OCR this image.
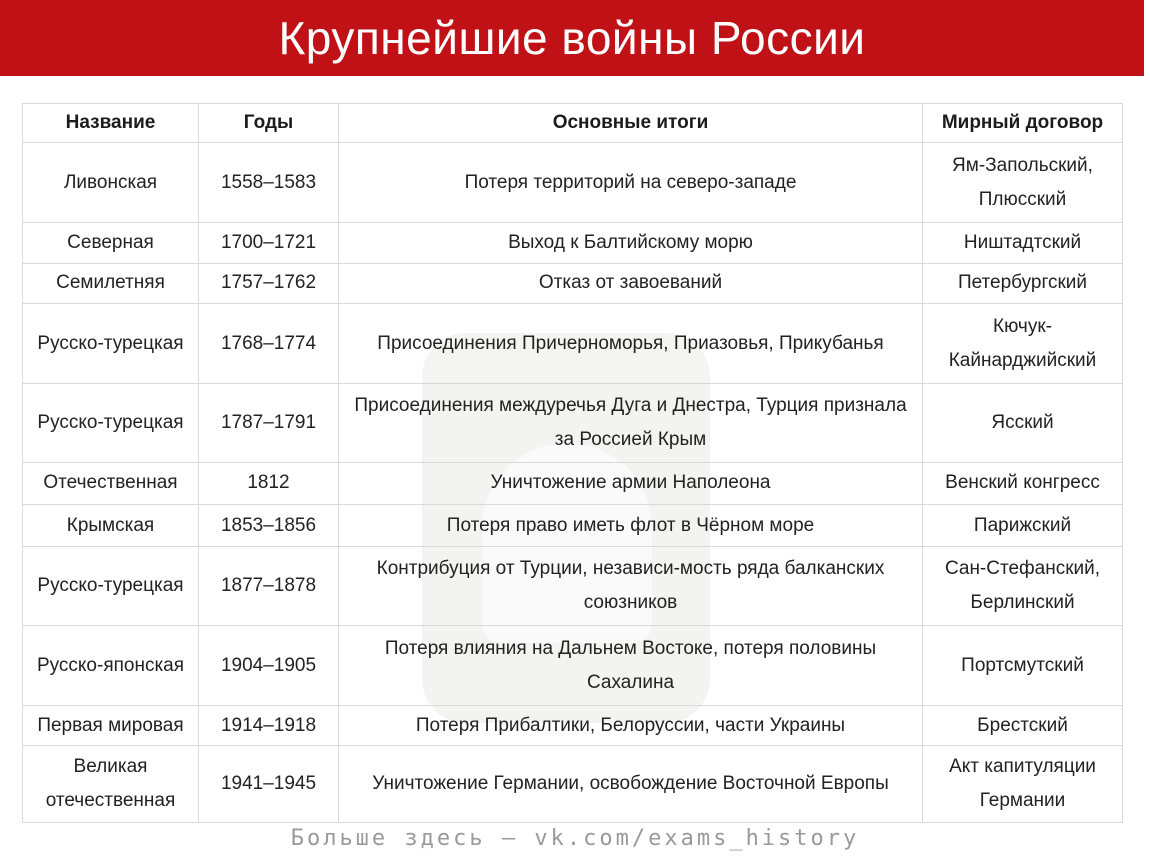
Крупнейшие войны России
Название	Годы	Основные итоги	Мирный договор
Ливонская	1558–1583	Потеря территорий на северо-западе	Ям-Запольский, Плюсский
Северная	1700–1721	Выход к Балтийскому морю	Ништадтский
Семилетняя	1757–1762	Отказ от завоеваний	Петербургский
Русско-турецкая	1768–1774	Присоединения Причерноморья, Приазовья, Прикубанья	Кючук-Кайнарджийский
Русско-турецкая	1787–1791	Присоединения междуречья Дуга и Днестра, Турция признала за Россией Крым	Ясский
Отечественная	1812	Уничтожение армии Наполеона	Венский конгресс
Крымская	1853–1856	Потеря право иметь флот в Чёрном море	Парижский
Русско-турецкая	1877–1878	Контрибуция от Турции, независи-мость ряда балканских союзников	Сан-Стефанский, Берлинский
Русско-японская	1904–1905	Потеря влияния на Дальнем Востоке, потеря половины Сахалина	Портсмутский
Первая мировая	1914–1918	Потеря Прибалтики, Белоруссии, части Украины	Брестский
Великая отечественная	1941–1945	Уничтожение Германии, освобождение Восточной Европы	Акт капитуляции Германии
Больше здесь – vk.com/exams_history
